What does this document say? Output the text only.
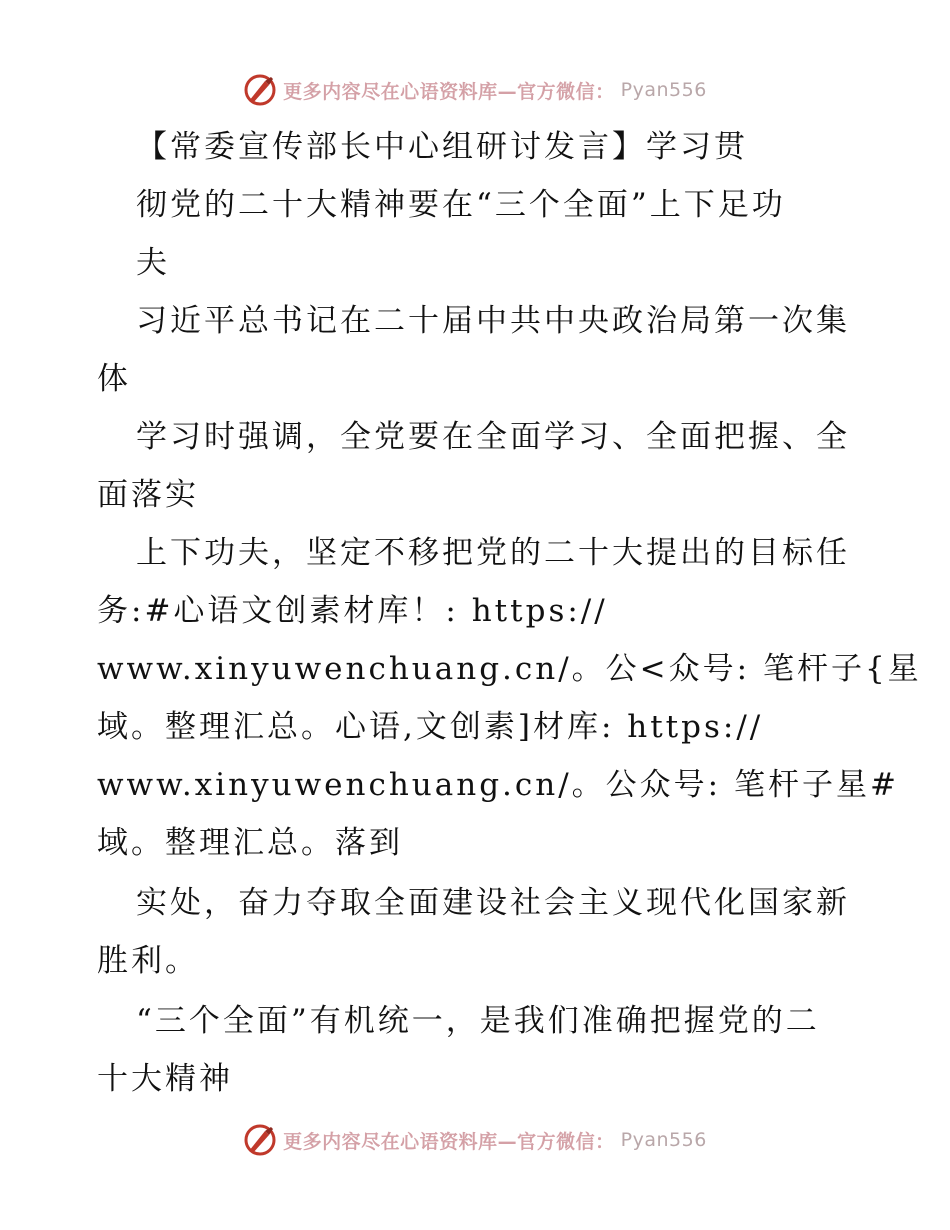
更多内容尽在心语资料库—官方微信： Pyan556
【常委宣传部长中心组研讨发言】学习贯
彻党的二十大精神要在“三个全面”上下足功
夫
习近平总书记在二十届中共中央政治局第一次集
体
学习时强调，全党要在全面学习、全面把握、全
面落实
上下功夫，坚定不移把党的二十大提出的目标任
务:#心语文创素材库！: https://
www.xinyuwenchuang.cn/。公<众号: 笔杆子{星
域。整理汇总。心语,文创素]材库: https://
www.xinyuwenchuang.cn/。公众号: 笔杆子星#
域。整理汇总。落到
实处，奋力夺取全面建设社会主义现代化国家新
胜利。
“三个全面”有机统一，是我们准确把握党的二
十大精神
更多内容尽在心语资料库—官方微信： Pyan556
